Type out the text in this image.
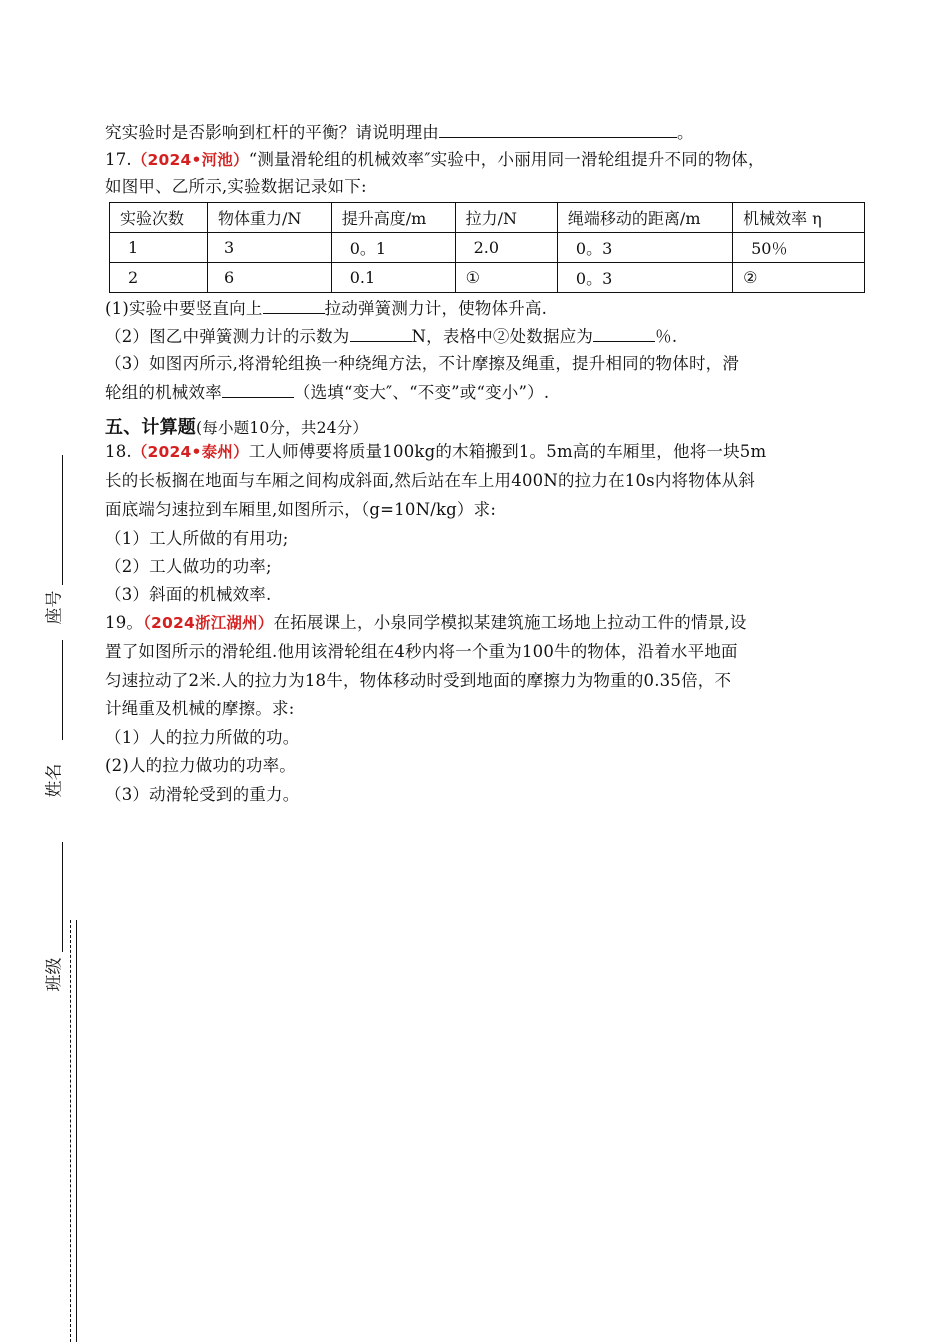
座号
姓名
班级
究实验时是否影响到杠杆的平衡？请说明理由	。
17.（2024•河池）“测量滑轮组的机械效率″实验中，小丽用同一滑轮组提升不同的物体，
如图甲、乙所示,实验数据记录如下:
实验次数	物体重力/N	提升高度/m	拉力/N	绳端移动的距离/m	机械效率 η
1	3	0。1	2.0	0。3	50％
2	6	0.1	①	0。3	②
(1)实验中要竖直向上	拉动弹簧测力计，使物体升高.
（2）图乙中弹簧测力计的示数为	N，表格中②处数据应为	％.
（3）如图丙所示,将滑轮组换一种绕绳方法，不计摩擦及绳重，提升相同的物体时，滑
轮组的机械效率	（选填“变大″、“不变”或“变小”）.
五、计算题(每小题10分，共24分）
18.（2024•泰州）工人师傅要将质量100kg的木箱搬到1。5m高的车厢里，他将一块5m
长的长板搁在地面与车厢之间构成斜面,然后站在车上用400N的拉力在10s内将物体从斜
面底端匀速拉到车厢里,如图所示，（g=10N/kg）求:
（1）工人所做的有用功;
（2）工人做功的功率;
（3）斜面的机械效率.
19。（2024浙江湖州）在拓展课上，小泉同学模拟某建筑施工场地上拉动工件的情景,设
置了如图所示的滑轮组.他用该滑轮组在4秒内将一个重为100牛的物体，沿着水平地面
匀速拉动了2米.人的拉力为18牛，物体移动时受到地面的摩擦力为物重的0.35倍，不
计绳重及机械的摩擦。求:
（1）人的拉力所做的功。
(2)人的拉力做功的功率。
（3）动滑轮受到的重力。
